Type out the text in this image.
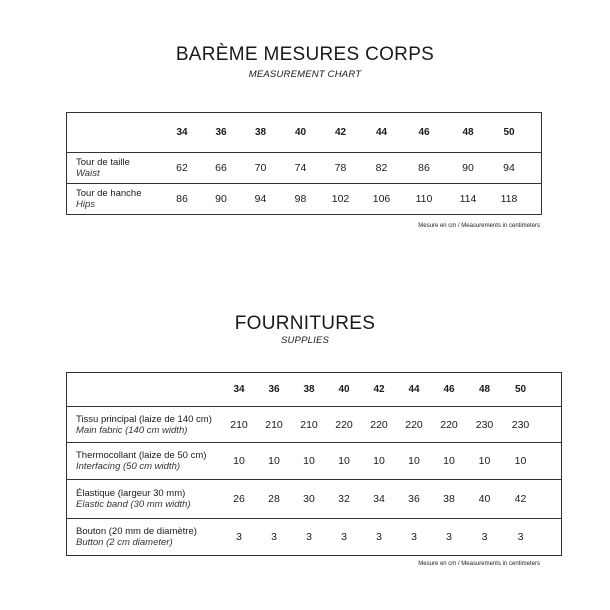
BARÈME MESURES CORPS
MEASUREMENT CHART
	34	36	38	40	42	44	46	48	50	

Tour de taille
Waist	62	66	70	74	78	82	86	90	94	

Tour de hanche
Hips	86	90	94	98	102	106	110	114	118	
Mesure en cm / Measurements in centimeters
FOURNITURES
SUPPLIES
	34	36	38	40	42	44	46	48	50	

Tissu principal (laize de 140 cm)
Main fabric (140 cm width)	210	210	210	220	220	220	220	230	230	

Thermocollant (laize de 50 cm)
Interfacing (50 cm width)	10	10	10	10	10	10	10	10	10	

Élastique (largeur 30 mm)
Elastic band (30 mm width)	26	28	30	32	34	36	38	40	42	

Bouton (20 mm de diamètre)
Button (2 cm diameter)	3	3	3	3	3	3	3	3	3	
Mesure en cm / Measurements in centimeters
